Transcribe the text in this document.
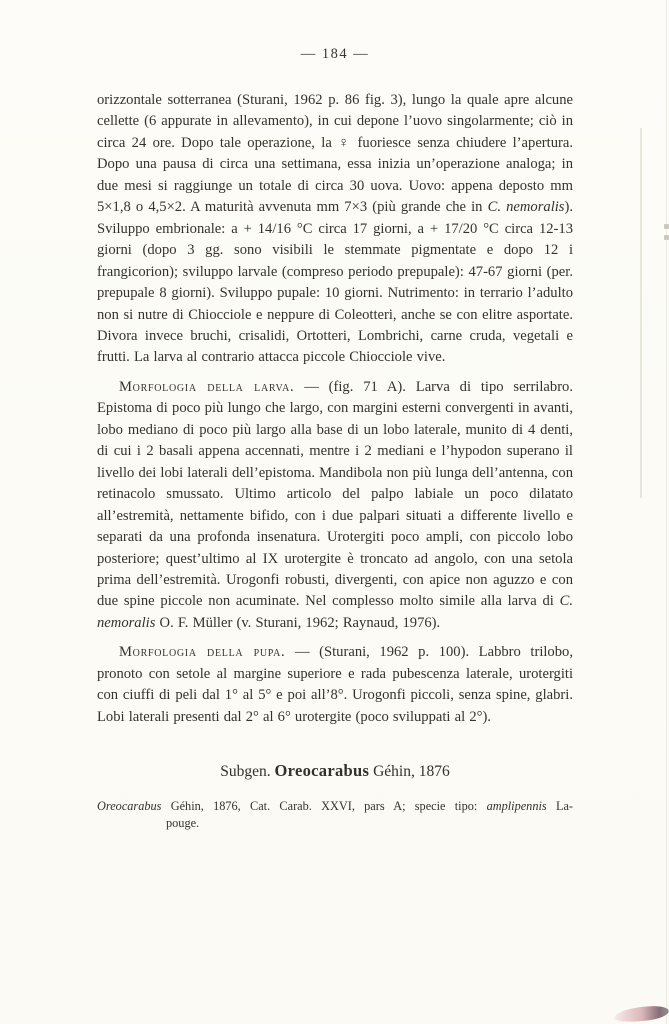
— 184 —

orizzontale sotterranea (Sturani, 1962 p. 86 fig. 3), lungo la quale apre alcune cellette (6 appurate in allevamento), in cui depone l’uovo singolarmente; ciò in circa 24 ore. Dopo tale operazione, la ♀ fuoriesce senza chiudere l’apertura. Dopo una pausa di circa una settimana, essa inizia un’operazione analoga; in due mesi si raggiunge un totale di circa 30 uova. Uovo: appena deposto mm 5×1,8 o 4,5×2. A maturità avvenuta mm 7×3 (più grande che in C. nemoralis). Sviluppo embrionale: a + 14/16 °C circa 17 giorni, a + 17/20 °C circa 12-13 giorni (dopo 3 gg. sono visibili le stemmate pigmentate e dopo 12 i frangicorion); sviluppo larvale (compreso periodo prepupale): 47-67 giorni (per. prepupale 8 giorni). Sviluppo pupale: 10 giorni. Nutrimento: in terrario l’adulto non si nutre di Chiocciole e neppure di Coleotteri, anche se con elitre asportate. Divora invece bruchi, crisalidi, Ortotteri, Lombrichi, carne cruda, vegetali e frutti. La larva al contrario attacca piccole Chiocciole vive.

Morfologia della larva. — (fig. 71 A). Larva di tipo serrilabro. Epistoma di poco più lungo che largo, con margini esterni convergenti in avanti, lobo mediano di poco più largo alla base di un lobo laterale, munito di 4 denti, di cui i 2 basali appena accennati, mentre i 2 mediani e l’hypodon superano il livello dei lobi laterali dell’epistoma. Mandibola non più lunga dell’antenna, con retinacolo smussato. Ultimo articolo del palpo labiale un poco dilatato all’estremità, nettamente bifido, con i due palpari situati a differente livello e separati da una profonda insenatura. Urotergiti poco ampli, con piccolo lobo posteriore; quest’ultimo al IX urotergite è troncato ad angolo, con una setola prima dell’estremità. Urogonfi robusti, divergenti, con apice non aguzzo e con due spine piccole non acuminate. Nel complesso molto simile alla larva di C. nemoralis O. F. Müller (v. Sturani, 1962; Raynaud, 1976).

Morfologia della pupa. — (Sturani, 1962 p. 100). Labbro trilobo, pronoto con setole al margine superiore e rada pubescenza laterale, urotergiti con ciuffi di peli dal 1° al 5° e poi all’8°. Urogonfi piccoli, senza spine, glabri. Lobi laterali presenti dal 2° al 6° urotergite (poco sviluppati al 2°).

Subgen. Oreocarabus Géhin, 1876
Oreocarabus Géhin, 1876, Cat. Carab. XXVI, pars A; specie tipo: amplipennis La-
pouge.
